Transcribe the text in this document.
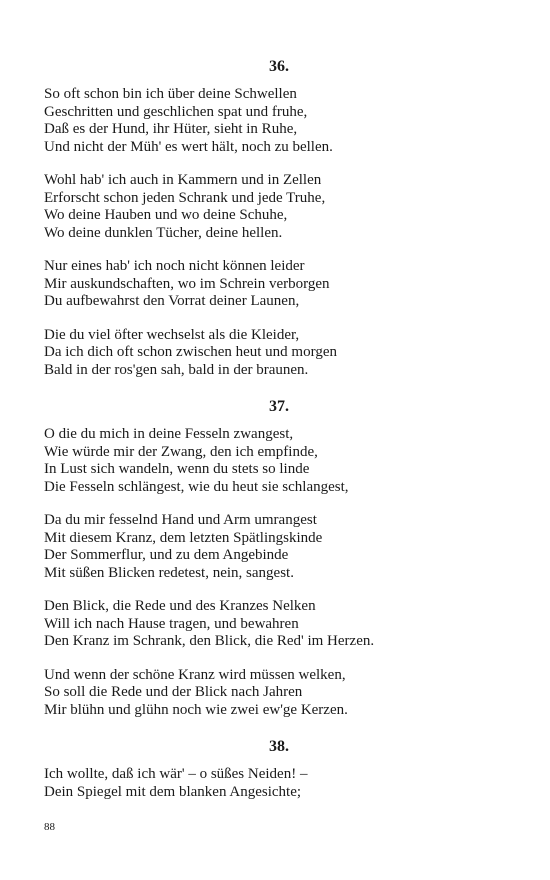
36.
So oft schon bin ich über deine Schwellen
Geschritten und geschlichen spat und fruhe,
Daß es der Hund, ihr Hüter, sieht in Ruhe,
Und nicht der Müh' es wert hält, noch zu bellen.
Wohl hab' ich auch in Kammern und in Zellen
Erforscht schon jeden Schrank und jede Truhe,
Wo deine Hauben und wo deine Schuhe,
Wo deine dunklen Tücher, deine hellen.
Nur eines hab' ich noch nicht können leider
Mir auskundschaften, wo im Schrein verborgen
Du aufbewahrst den Vorrat deiner Launen,
Die du viel öfter wechselst als die Kleider,
Da ich dich oft schon zwischen heut und morgen
Bald in der ros'gen sah, bald in der braunen.
37.
O die du mich in deine Fesseln zwangest,
Wie würde mir der Zwang, den ich empfinde,
In Lust sich wandeln, wenn du stets so linde
Die Fesseln schlängest, wie du heut sie schlangest,
Da du mir fesselnd Hand und Arm umrangest
Mit diesem Kranz, dem letzten Spätlingskinde
Der Sommerflur, und zu dem Angebinde
Mit süßen Blicken redetest, nein, sangest.
Den Blick, die Rede und des Kranzes Nelken
Will ich nach Hause tragen, und bewahren
Den Kranz im Schrank, den Blick, die Red' im Herzen.
Und wenn der schöne Kranz wird müssen welken,
So soll die Rede und der Blick nach Jahren
Mir blühn und glühn noch wie zwei ew'ge Kerzen.
38.
Ich wollte, daß ich wär' – o süßes Neiden! –
Dein Spiegel mit dem blanken Angesichte;
88
